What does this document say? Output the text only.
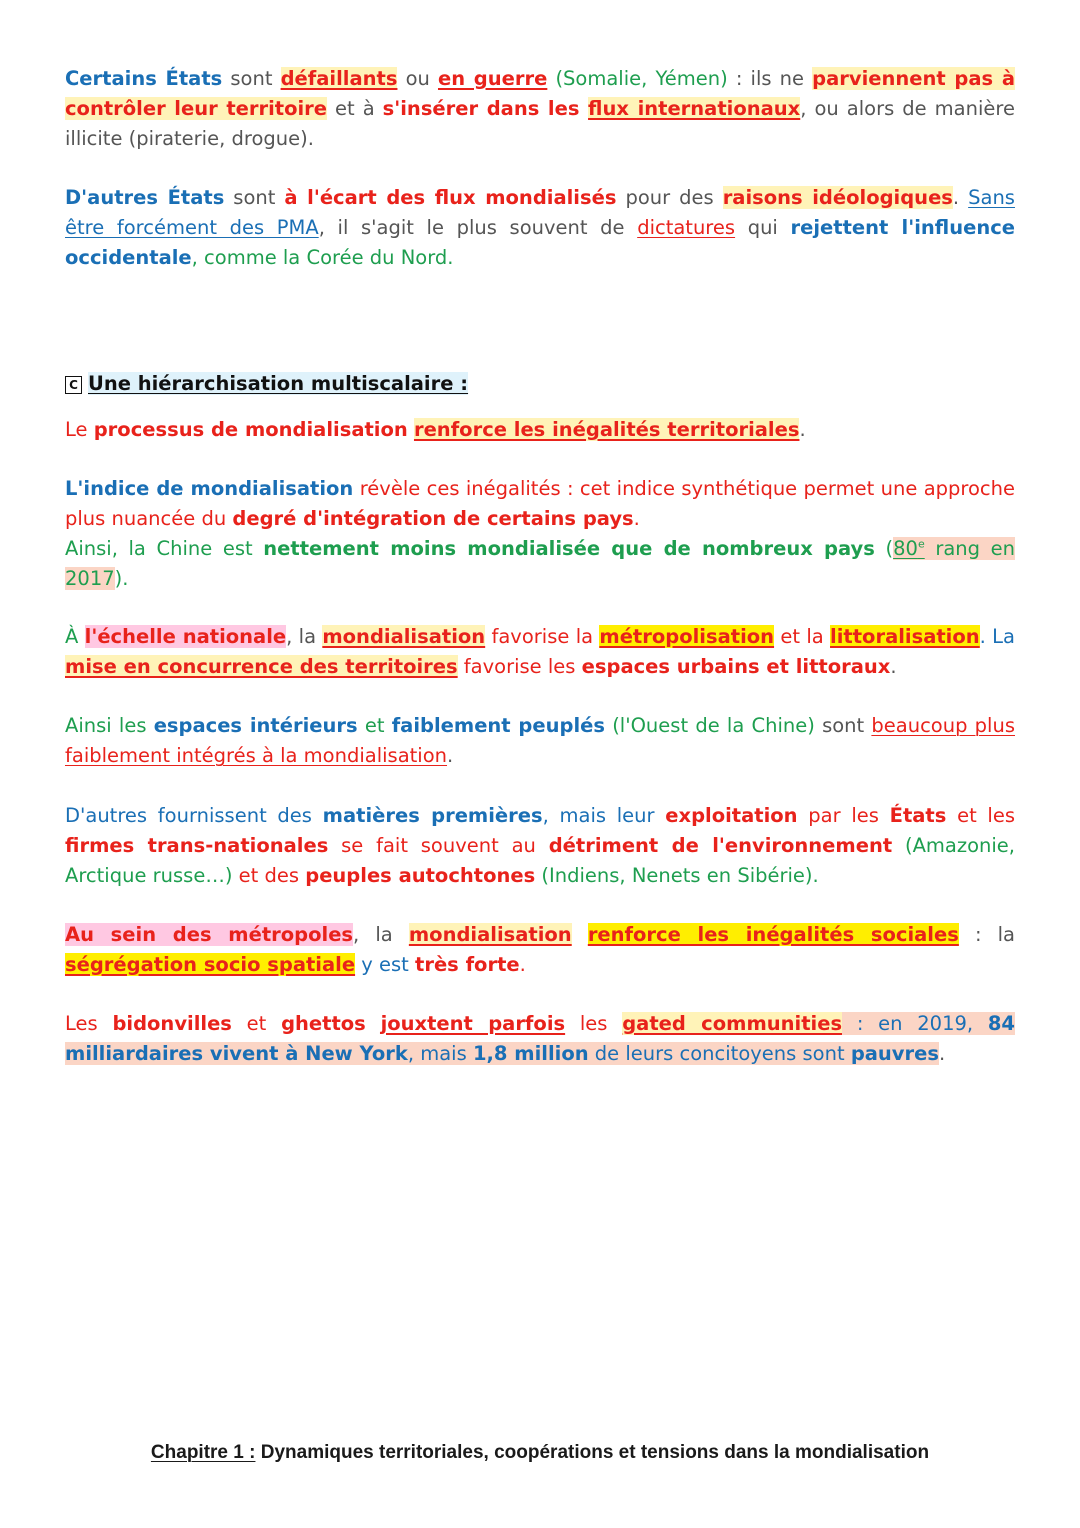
Certains États sont défaillants ou en guerre (Somalie, Yémen) : ils ne parviennent pas à contrôler leur territoire et à s'insérer dans les flux internationaux, ou alors de manière illicite (piraterie, drogue).

D'autres États sont à l'écart des flux mondialisés pour des raisons idéologiques. Sans être forcément des PMA, il s'agit le plus souvent de dictatures qui rejettent l'influence occidentale, comme la Corée du Nord.

C Une hiérarchisation multiscalaire :

Le processus de mondialisation renforce les inégalités territoriales.

L'indice de mondialisation révèle ces inégalités : cet indice synthétique permet une approche plus nuancée du degré d'intégration de certains pays.
Ainsi, la Chine est nettement moins mondialisée que de nombreux pays (80e rang en 2017).

À l'échelle nationale, la mondialisation favorise la métropolisation et la littoralisation. La mise en concurrence des territoires favorise les espaces urbains et littoraux.

Ainsi les espaces intérieurs et faiblement peuplés (l'Ouest de la Chine) sont beaucoup plus faiblement intégrés à la mondialisation.

D'autres fournissent des matières premières, mais leur exploitation par les États et les firmes trans-nationales se fait souvent au détriment de l'environnement (Amazonie, Arctique russe…) et des peuples autochtones (Indiens, Nenets en Sibérie).

Au sein des métropoles, la mondialisation renforce les inégalités sociales : la ségrégation socio spatiale y est très forte.

Les bidonvilles et ghettos jouxtent parfois les gated communities : en 2019, 84 milliardaires vivent à New York, mais 1,8 million de leurs concitoyens sont pauvres.

Chapitre 1 : Dynamiques territoriales, coopérations et tensions dans la mondialisation
